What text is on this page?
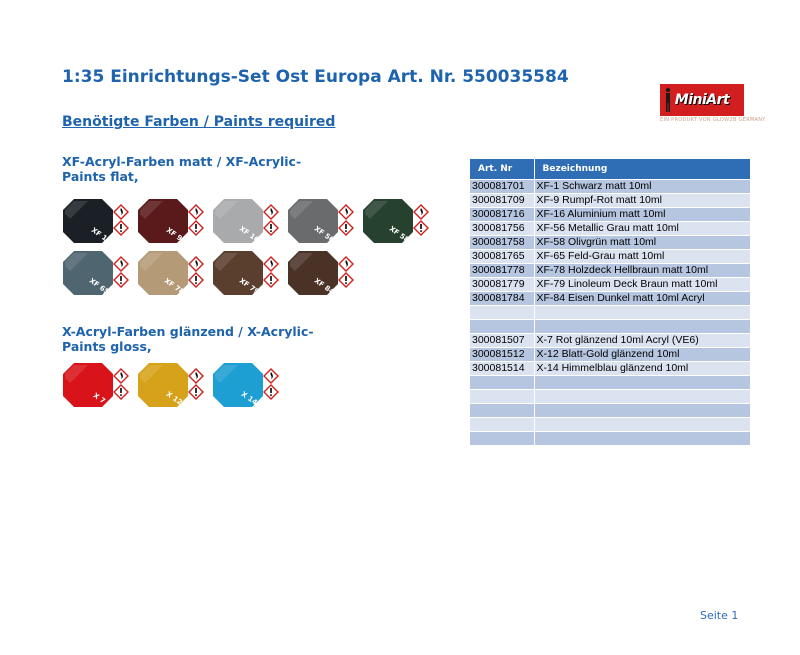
1:35 Einrichtungs-Set Ost Europa Art. Nr. 550035584
Benötigte Farben / Paints required
MiniArt
EIN PRODUKT VON GLOW2B GERMANY

XF-Acryl-Farben matt / XF-Acrylic-Paints flat,

XF 1	XF 9	XF 16	XF 56	XF 58
XF 65	XF 78	XF 79	XF 84

X-Acryl-Farben glänzend / X-Acrylic-Paints gloss,

X 7	X 12	X 14
Art. Nr	Bezeichnung
300081701	XF-1 Schwarz matt 10ml
300081709	XF-9 Rumpf-Rot matt 10ml
300081716	XF-16 Aluminium matt 10ml
300081756	XF-56 Metallic Grau matt 10ml
300081758	XF-58 Olivgrün matt 10ml
300081765	XF-65 Feld-Grau matt 10ml
300081778	XF-78 Holzdeck Hellbraun matt 10ml
300081779	XF-79 Linoleum Deck Braun matt 10ml
300081784	XF-84 Eisen Dunkel matt 10ml Acryl

300081507	X-7 Rot glänzend 10ml Acryl (VE6)
300081512	X-12 Blatt-Gold glänzend 10ml
300081514	X-14 Himmelblau glänzend 10ml

Seite 1
